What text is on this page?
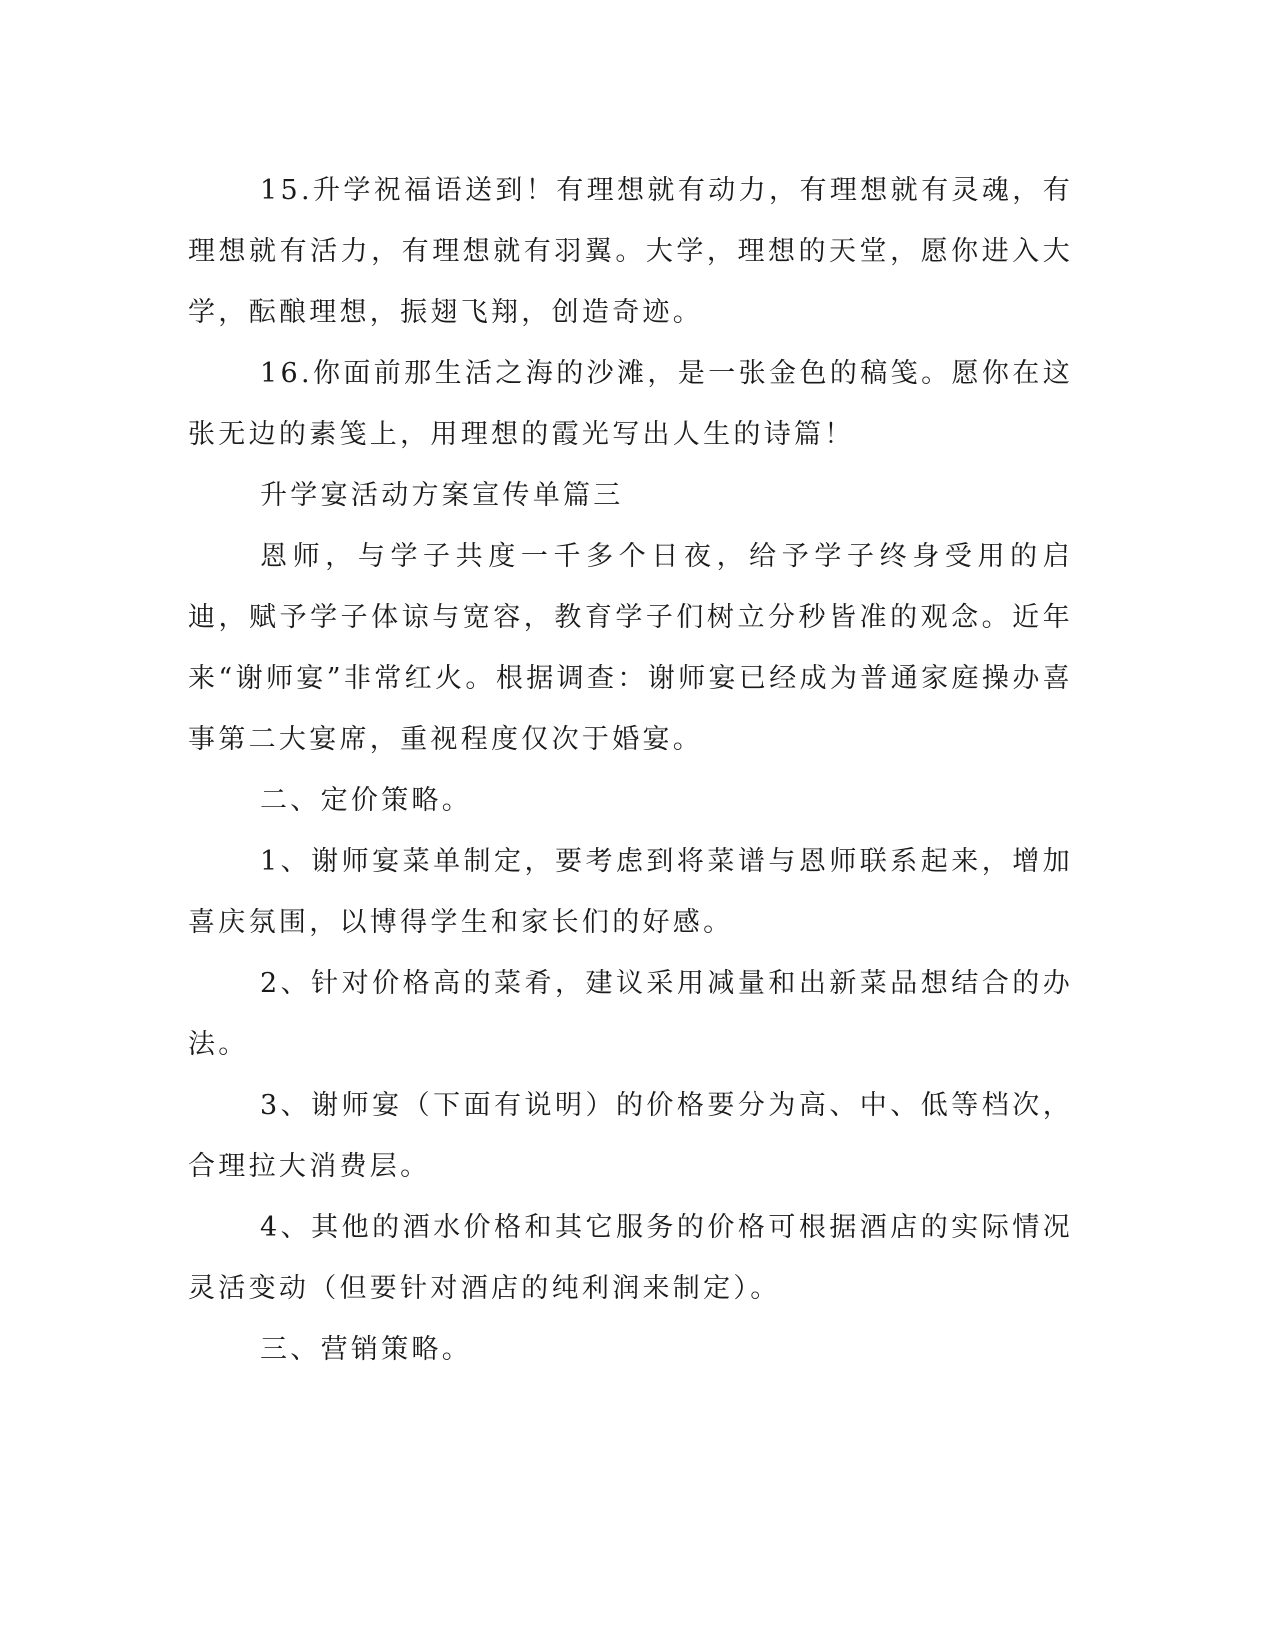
15.升学祝福语送到！有理想就有动力，有理想就有灵魂，有理想就有活力，有理想就有羽翼。大学，理想的天堂，愿你进入大学，酝酿理想，振翅飞翔，创造奇迹。

16.你面前那生活之海的沙滩，是一张金色的稿笺。愿你在这张无边的素笺上，用理想的霞光写出人生的诗篇！

升学宴活动方案宣传单篇三

恩师，与学子共度一千多个日夜，给予学子终身受用的启迪，赋予学子体谅与宽容，教育学子们树立分秒皆准的观念。近年来“谢师宴”非常红火。根据调查：谢师宴已经成为普通家庭操办喜事第二大宴席，重视程度仅次于婚宴。

二、定价策略。

1、谢师宴菜单制定，要考虑到将菜谱与恩师联系起来，增加喜庆氛围，以博得学生和家长们的好感。

2、针对价格高的菜肴，建议采用减量和出新菜品想结合的办法。

3、谢师宴（下面有说明）的价格要分为高、中、低等档次，合理拉大消费层。

4、其他的酒水价格和其它服务的价格可根据酒店的实际情况灵活变动（但要针对酒店的纯利润来制定）。

三、营销策略。
